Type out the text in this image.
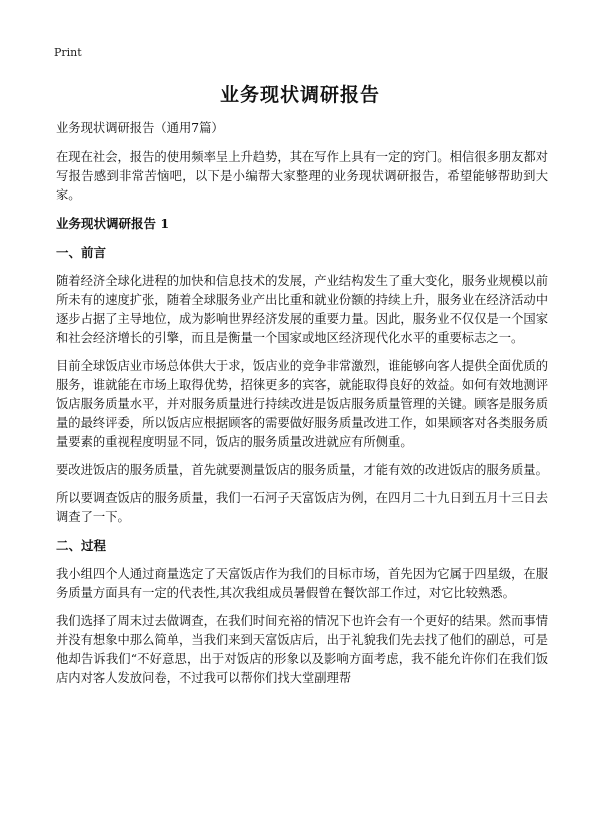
Print
业务现状调研报告

业务现状调研报告（通用7篇）

在现在社会，报告的使用频率呈上升趋势，其在写作上具有一定的窍门。相信很多朋友都对写报告感到非常苦恼吧，以下是小编帮大家整理的业务现状调研报告，希望能够帮助到大家。

业务现状调研报告 1
一、前言

随着经济全球化进程的加快和信息技术的发展，产业结构发生了重大变化，服务业规模以前所未有的速度扩张，随着全球服务业产出比重和就业份额的持续上升，服务业在经济活动中逐步占据了主导地位，成为影响世界经济发展的重要力量。因此，服务业不仅仅是一个国家和社会经济增长的引擎，而且是衡量一个国家或地区经济现代化水平的重要标志之一。

目前全球饭店业市场总体供大于求，饭店业的竞争非常激烈，谁能够向客人提供全面优质的服务，谁就能在市场上取得优势，招徕更多的宾客，就能取得良好的效益。如何有效地测评饭店服务质量水平，并对服务质量进行持续改进是饭店服务质量管理的关键。顾客是服务质量的最终评委，所以饭店应根据顾客的需要做好服务质量改进工作，如果顾客对各类服务质量要素的重视程度明显不同，饭店的服务质量改进就应有所侧重。

要改进饭店的服务质量，首先就要测量饭店的服务质量，才能有效的改进饭店的服务质量。

所以要调查饭店的服务质量，我们一石河子天富饭店为例，在四月二十九日到五月十三日去调查了一下。

二、过程

我小组四个人通过商量选定了天富饭店作为我们的目标市场，首先因为它属于四星级，在服务质量方面具有一定的代表性,其次我组成员暑假曾在餐饮部工作过，对它比较熟悉。

我们选择了周末过去做调查，在我们时间充裕的情况下也许会有一个更好的结果。然而事情并没有想象中那么简单，当我们来到天富饭店后，出于礼貌我们先去找了他们的副总，可是他却告诉我们“不好意思，出于对饭店的形象以及影响方面考虑，我不能允许你们在我们饭店内对客人发放问卷，不过我可以帮你们找大堂副理帮
